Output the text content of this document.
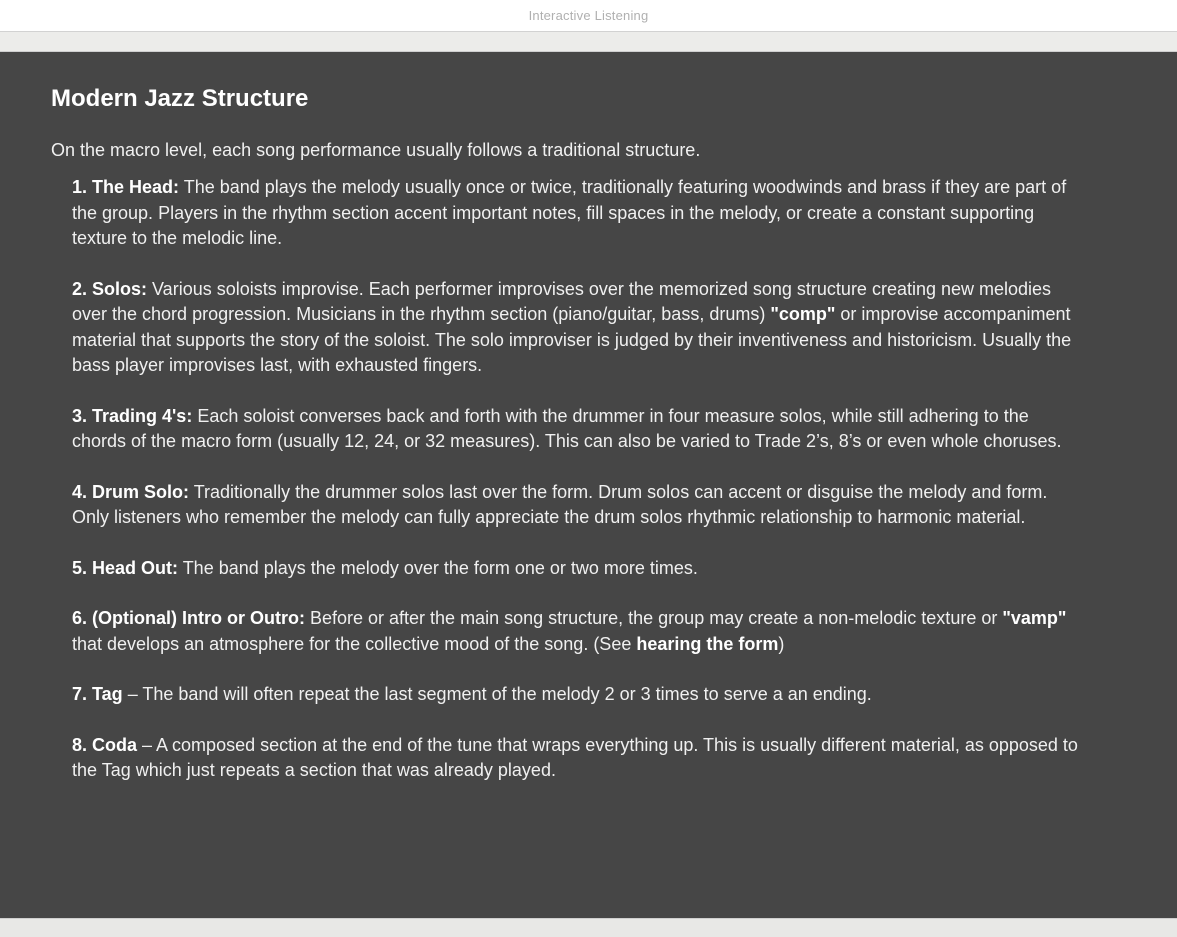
Interactive Listening
Modern Jazz Structure

On the macro level, each song performance usually follows a traditional structure.

1. The Head: The band plays the melody usually once or twice, traditionally featuring woodwinds and brass if they are part of the group. Players in the rhythm section accent important notes, fill spaces in the melody, or create a constant supporting texture to the melodic line.
2. Solos: Various soloists improvise. Each performer improvises over the memorized song structure creating new melodies over the chord progression. Musicians in the rhythm section (piano/guitar, bass, drums) "comp" or improvise accompaniment material that supports the story of the soloist. The solo improviser is judged by their inventiveness and historicism. Usually the bass player improvises last, with exhausted fingers.
3. Trading 4's: Each soloist converses back and forth with the drummer in four measure solos, while still adhering to the chords of the macro form (usually 12, 24, or 32 measures). This can also be varied to Trade 2’s, 8’s or even whole choruses.
4. Drum Solo: Traditionally the drummer solos last over the form. Drum solos can accent or disguise the melody and form. Only listeners who remember the melody can fully appreciate the drum solos rhythmic relationship to harmonic material.
5. Head Out: The band plays the melody over the form one or two more times.
6. (Optional) Intro or Outro: Before or after the main song structure, the group may create a non-melodic texture or "vamp" that develops an atmosphere for the collective mood of the song. (See hearing the form)
7. Tag – The band will often repeat the last segment of the melody 2 or 3 times to serve a an ending.
8. Coda – A composed section at the end of the tune that wraps everything up. This is usually different material, as opposed to the Tag which just repeats a section that was already played.
